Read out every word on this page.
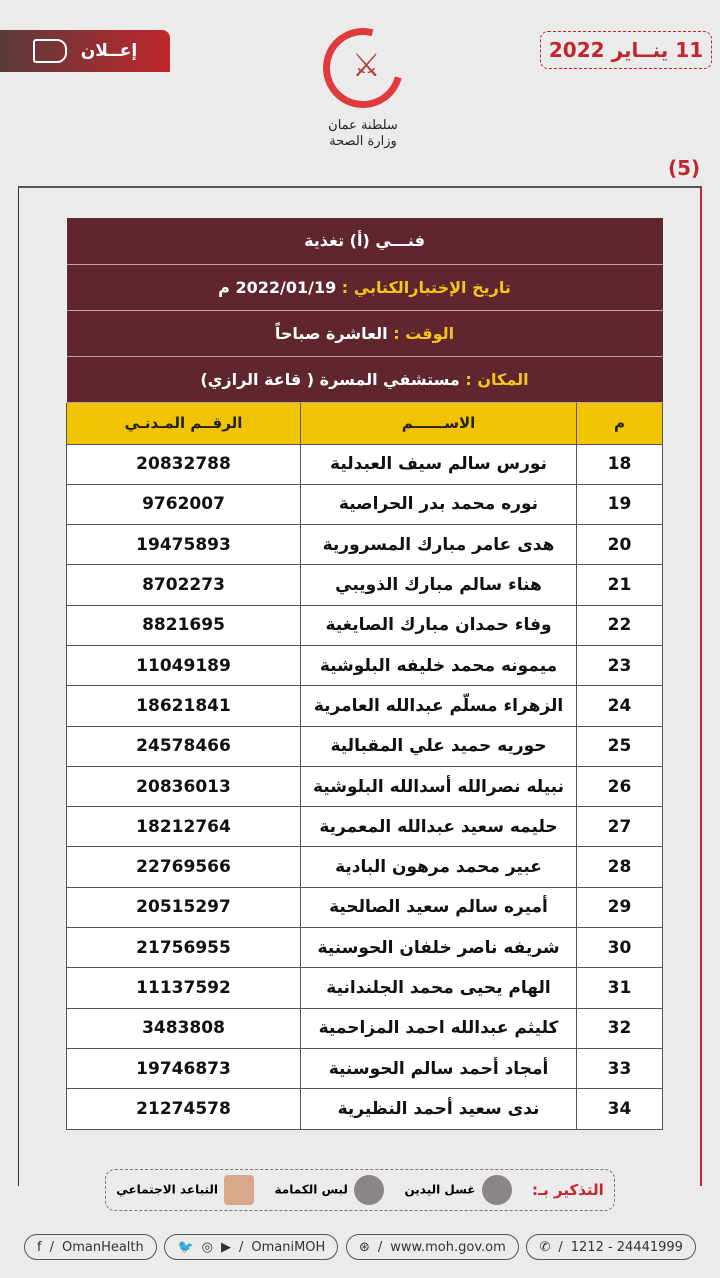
إعــلان	⚔
سلطنة عمان
وزارة الصحة
11 ينــاير 2022
(5)
فنـــي (أ) تغذية		
تاريخ الإختبارالكتابي : 2022/01/19 م		
الوقت : العاشرة صباحاً		
المكان : مستشفي المسرة ( قاعة الرازي)		
م	الاســــــم	الرقــم المـدنـي
18	نورس سالم سيف العبدلية	20832788
19	نوره محمد بدر الحراصية	9762007
20	هدى عامر مبارك المسرورية	19475893
21	هناء سالم مبارك الذويبي	8702273
22	وفاء حمدان مبارك الصايغية	8821695
23	ميمونه محمد خليفه البلوشية	11049189
24	الزهراء مسلّم عبدالله العامرية	18621841
25	حوريه حميد علي المقبالية	24578466
26	نبيله نصرالله أسدالله البلوشية	20836013
27	حليمه سعيد عبدالله المعمرية	18212764
28	عبير محمد مرهون البادية	22769566
29	أميره سالم سعيد الصالحية	20515297
30	شريفه ناصر خلفان الحوسنية	21756955
31	الهام يحيى محمد الجلندانية	11137592
32	كليثم عبدالله احمد المزاحمية	3483808
33	أمجاد أحمد سالم الحوسنية	19746873
34	ندى سعيد أحمد النظيرية	21274578
التذكير بـ:
غسل اليدين
لبس الكمامة
التباعد الاجتماعي
f / OmanHealth	🐦 ◎ ▶ / OmaniMOH	⊛ / www.moh.gov.om	✆ / 1212 - 24441999
